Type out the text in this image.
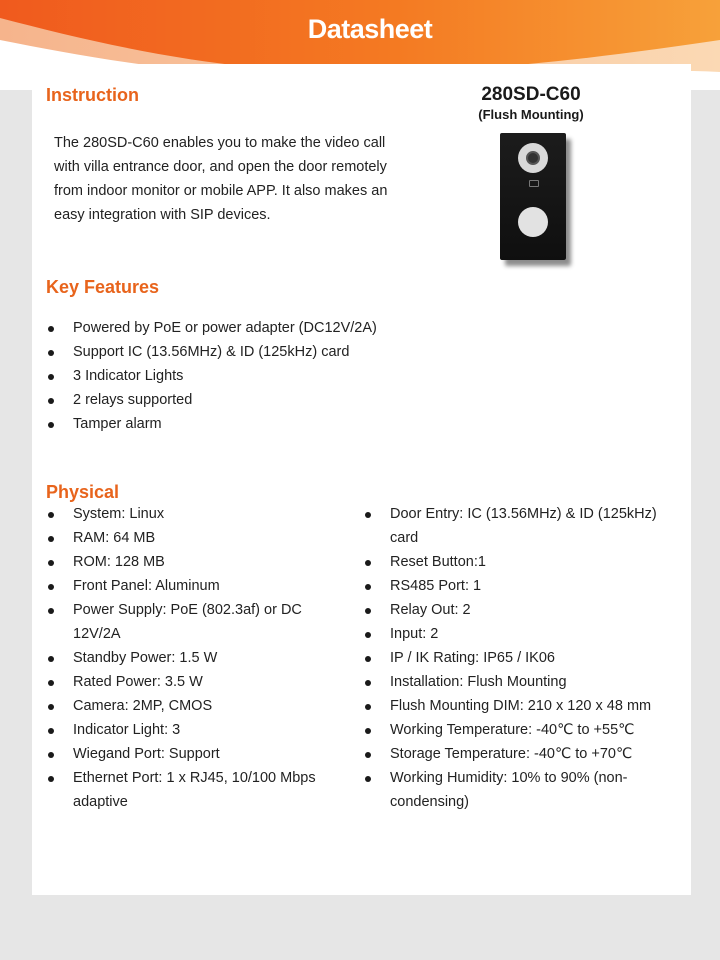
Datasheet
Instruction
The 280SD-C60 enables you to make the video call with villa entrance door, and open the door remotely from indoor monitor or mobile APP. It also makes an easy integration with SIP devices.
280SD-C60
(Flush Mounting)
Key Features
Powered by PoE or power adapter (DC12V/2A)
Support IC (13.56MHz) & ID (125kHz) card
3 Indicator Lights
2 relays supported
Tamper alarm
Physical
System: Linux
RAM: 64 MB
ROM: 128 MB
Front Panel: Aluminum
Power Supply: PoE (802.3af) or DC 12V/2A
Standby Power: 1.5 W
Rated Power: 3.5 W
Camera: 2MP, CMOS
Indicator Light: 3
Wiegand Port: Support
Ethernet Port: 1 x RJ45, 10/100 Mbps adaptive
Door Entry: IC (13.56MHz) & ID (125kHz) card
Reset Button:1
RS485 Port: 1
Relay Out: 2
Input: 2
IP / IK Rating: IP65 / IK06
Installation: Flush Mounting
Flush Mounting DIM: 210 x 120 x 48 mm
Working Temperature: -40℃ to +55℃
Storage Temperature: -40℃ to +70℃
Working Humidity: 10% to 90% (non-condensing)
